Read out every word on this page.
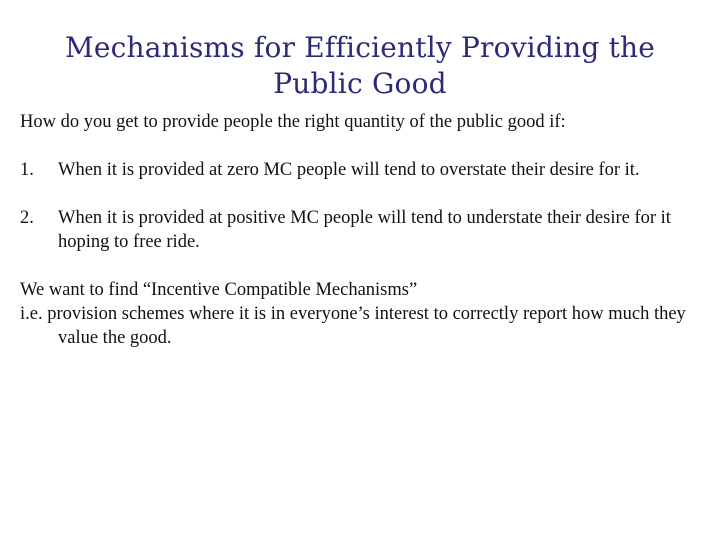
Mechanisms for Efficiently Providing the
Public Good

How do you get to provide people the right quantity of the public good if:

1. When it is provided at zero MC people will tend to overstate their desire for it.
2. When it is provided at positive MC people will tend to understate their desire for it hoping to free ride.

We want to find “Incentive Compatible Mechanisms”

i.e. provision schemes where it is in everyone’s interest to correctly report how much they value the good.
